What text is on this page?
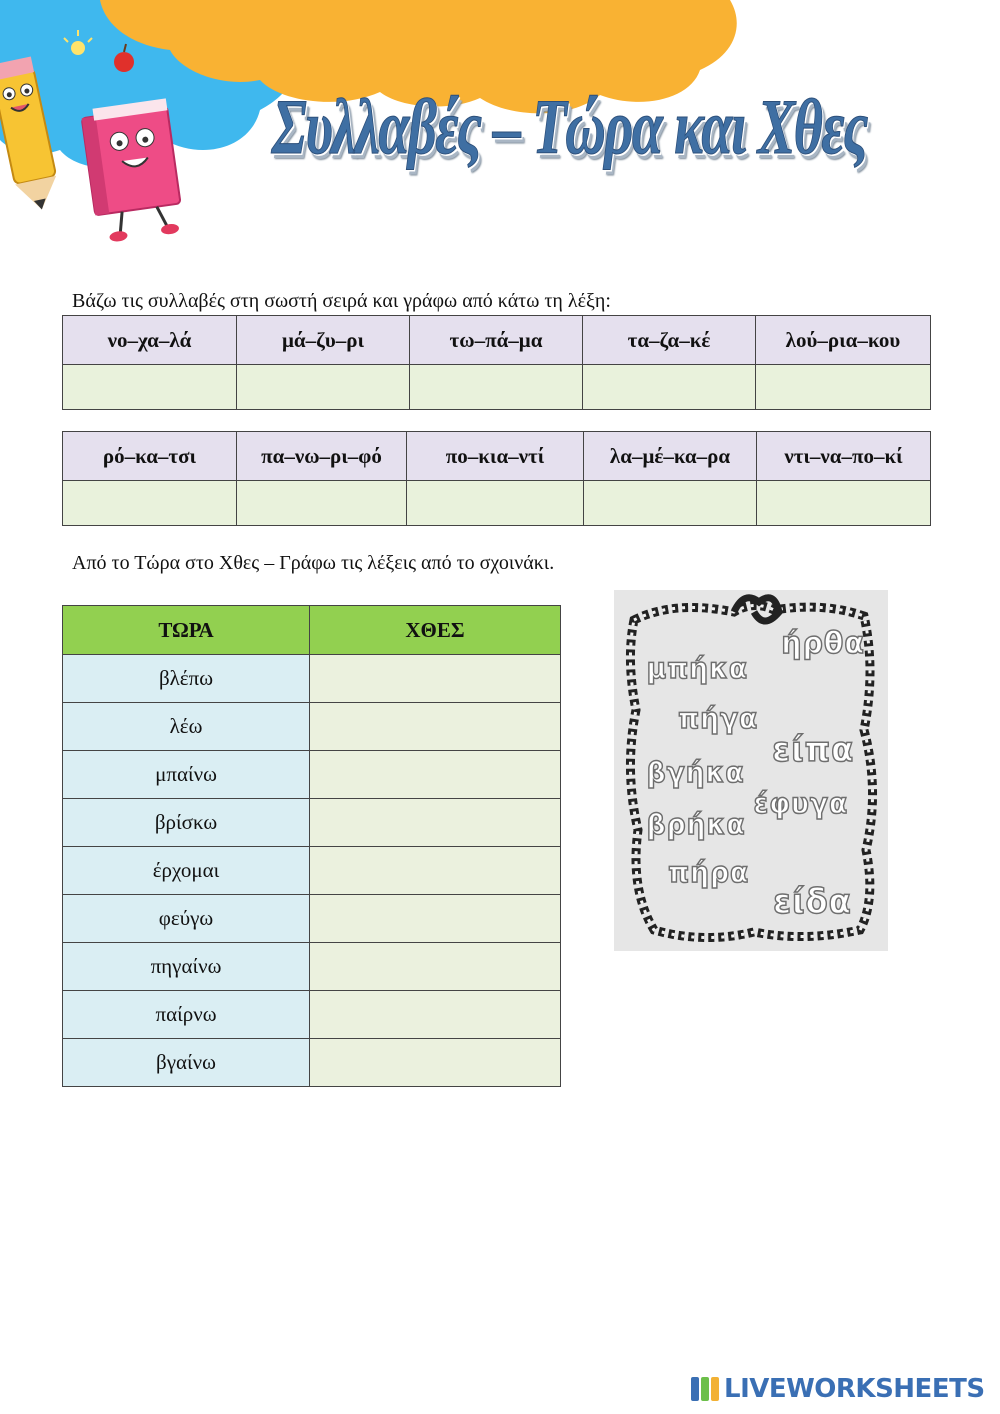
Συλλαβές – Τώρα και Χθες
Βάζω τις συλλαβές στη σωστή σειρά και γράφω από κάτω τη λέξη:
νο–χα–λά	μά–ζυ–ρι	τω–πά–μα	τα–ζα–κέ	λού–ρια–κου

ρό–κα–τσι	πα–νω–ρι–φό	πο–κια–ντί	λα–μέ–κα–ρα	ντι–να–πο–κί

Από το Τώρα στο Χθες – Γράφω τις λέξεις από το σχοινάκι.
ΤΩΡΑ	ΧΘΕΣ
βλέπω	
λέω	
μπαίνω	
βρίσκω	
έρχομαι	
φεύγω	
πηγαίνω	
παίρνω	
βγαίνω	
ήρθα
μπήκα
πήγα
είπα
βγήκα
έφυγα
βρήκα
πήρα
είδα
LIVEWORKSHEETS
